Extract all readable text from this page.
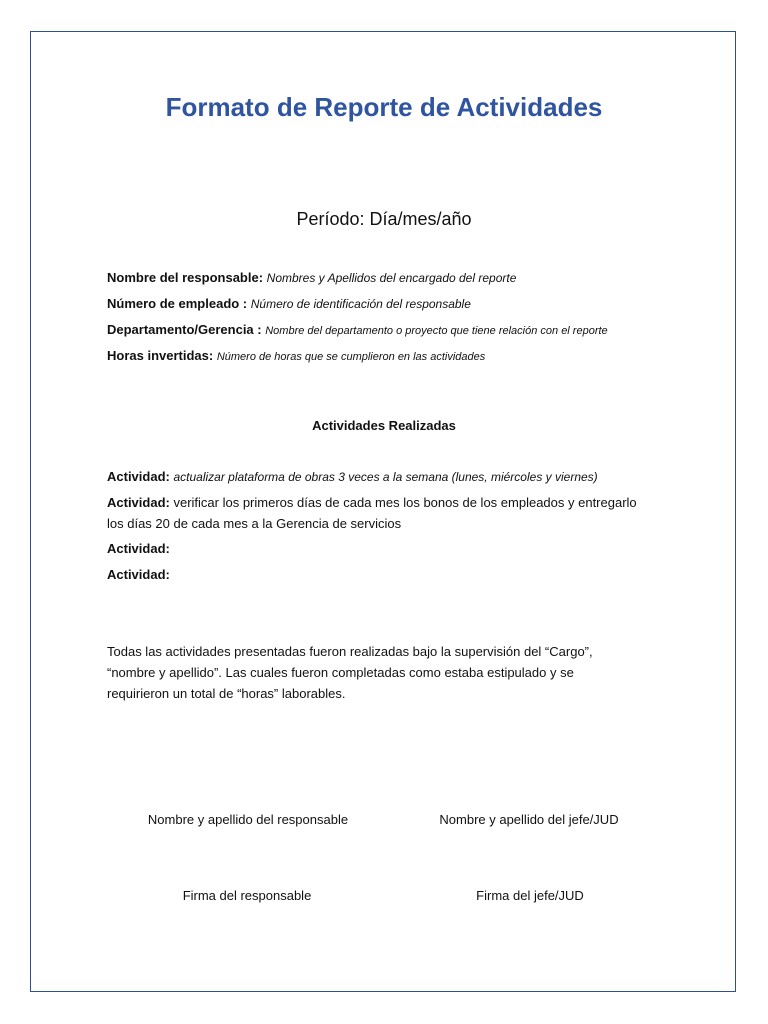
Formato de Reporte de Actividades
Período: Día/mes/año
Nombre del responsable: Nombres y Apellidos del encargado del reporte
Número de empleado : Número de identificación del responsable
Departamento/Gerencia : Nombre del departamento o proyecto que tiene relación con el reporte
Horas invertidas: Número de horas que se cumplieron en las actividades
Actividades Realizadas
Actividad: actualizar plataforma de obras 3 veces a la semana (lunes, miércoles y viernes)
Actividad: verificar los primeros días de cada mes los bonos de los empleados y entregarlo los días 20 de cada mes a la Gerencia de servicios
Actividad:
Actividad:
Todas las actividades presentadas fueron realizadas bajo la supervisión del “Cargo”, “nombre y apellido”. Las cuales fueron completadas como estaba estipulado y se requirieron un total de “horas” laborables.
Nombre y apellido del responsable	Nombre y apellido del jefe/JUD
Firma del responsable	Firma del jefe/JUD
